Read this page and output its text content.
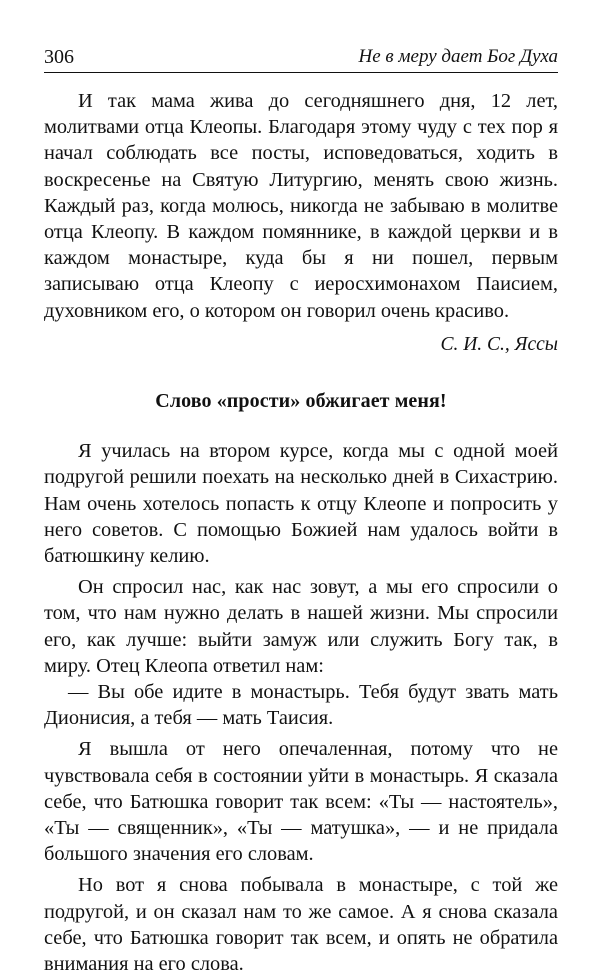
306	Не в меру дает Бог Духа

И так мама жива до сегодняшнего дня, 12 лет, молитвами отца Клеопы. Благодаря этому чуду с тех пор я начал соблюдать все посты, исповедоваться, ходить в воскресенье на Святую Литургию, менять свою жизнь. Каждый раз, когда молюсь, никогда не забываю в молитве отца Клеопу. В каждом помяннике, в каждой церкви и в каждом монастыре, куда бы я ни пошел, первым записываю отца Клеопу с иеросхимонахом Паисием, духовником его, о котором он говорил очень красиво.

С. И. С., Яссы
Слово «прости» обжигает меня!

Я училась на втором курсе, когда мы с одной моей подругой решили поехать на несколько дней в Сихастрию. Нам очень хотелось попасть к отцу Клеопе и попросить у него советов. С помощью Божией нам удалось войти в батюшкину келию.

Он спросил нас, как нас зовут, а мы его спросили о том, что нам нужно делать в нашей жизни. Мы спросили его, как лучше: выйти замуж или служить Богу так, в миру. Отец Клеопа ответил нам:

— Вы обе идите в монастырь. Тебя будут звать мать Дионисия, а тебя — мать Таисия.

Я вышла от него опечаленная, потому что не чувствовала себя в состоянии уйти в монастырь. Я сказала себе, что Батюшка говорит так всем: «Ты — настоятель», «Ты — священник», «Ты — матушка», — и не придала большого значения его словам.

Но вот я снова побывала в монастыре, с той же подругой, и он сказал нам то же самое. А я снова сказала себе, что Батюшка говорит так всем, и опять не обратила внимания на его слова.
